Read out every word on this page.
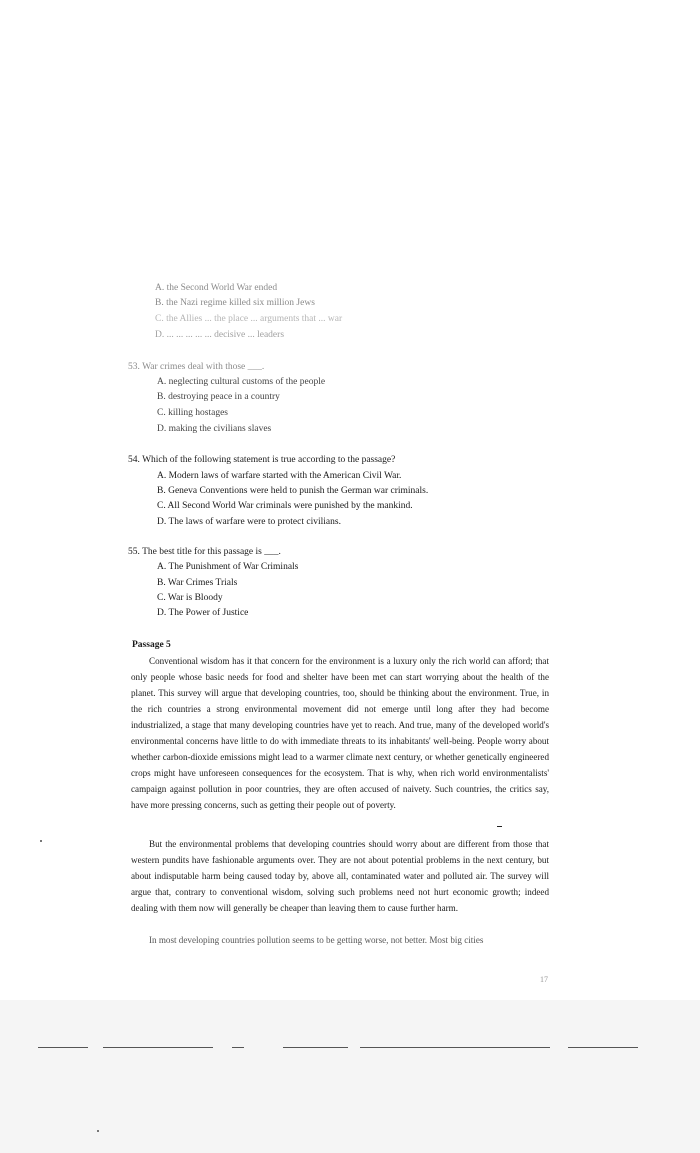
A. the Second World War ended
B. the Nazi regime killed six million Jews
C. the Allies ... the place ... arguments that ... war
D. ... ... ... ... ... decisive ... leaders
53. War crimes deal with those ___.
A. neglecting cultural customs of the people
B. destroying peace in a country
C. killing hostages
D. making the civilians slaves
54. Which of the following statement is true according to the passage?
A. Modern laws of warfare started with the American Civil War.
B. Geneva Conventions were held to punish the German war criminals.
C. All Second World War criminals were punished by the mankind.
D. The laws of warfare were to protect civilians.
55. The best title for this passage is ___.
A. The Punishment of War Criminals
B. War Crimes Trials
C. War is Bloody
D. The Power of Justice
Passage 5
Conventional wisdom has it that concern for the environment is a luxury only the rich world can afford; that only people whose basic needs for food and shelter have been met can start worrying about the health of the planet. This survey will argue that developing countries, too, should be thinking about the environment. True, in the rich countries a strong environmental movement did not emerge until long after they had become industrialized, a stage that many developing countries have yet to reach. And true, many of the developed world's environmental concerns have little to do with immediate threats to its inhabitants' well-being. People worry about whether carbon-dioxide emissions might lead to a warmer climate next century, or whether genetically engineered crops might have unforeseen consequences for the ecosystem. That is why, when rich world environmentalists' campaign against pollution in poor countries, they are often accused of naivety. Such countries, the critics say, have more pressing concerns, such as getting their people out of poverty.
But the environmental problems that developing countries should worry about are different from those that western pundits have fashionable arguments over. They are not about potential problems in the next century, but about indisputable harm being caused today by, above all, contaminated water and polluted air. The survey will argue that, contrary to conventional wisdom, solving such problems need not hurt economic growth; indeed dealing with them now will generally be cheaper than leaving them to cause further harm.
In most developing countries pollution seems to be getting worse, not better. Most big cities
17
